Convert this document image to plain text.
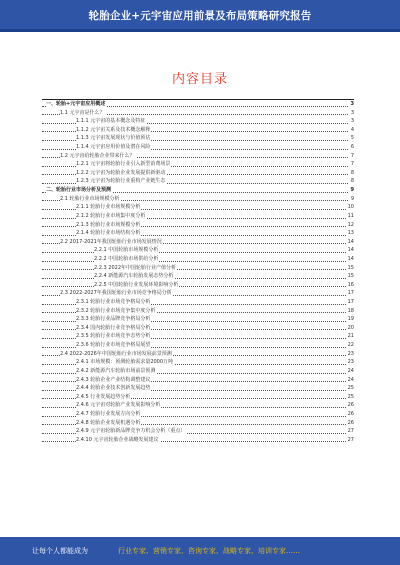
轮胎企业+元宇宙应用前景及布局策略研究报告
内容目录
一、轮胎+元宇宙应用概述	3
1.1 元宇宙是什么？	3
1.1.1 元宇宙的基本概念及特征	3
1.1.2 元宇宙关系及技术概念解释	4
1.1.3 元宇宙发展现状与价值预估	5
1.1.4 元宇宙应用价值及潜在风险	6
1.2 元宇宙给轮胎企业带来什么？	7
1.2.1 元宇宙将轮胎行业引入新型消费场景	7
1.2.2 元宇宙为轮胎企业发展提供新驱动	8
1.2.3 元宇宙为轮胎行业重构产业链生态	8
二、轮胎行业市场分析及预测	9
2.1 轮胎行业市场规模分析	9
2.1.1 轮胎行业市场规模分析	10
2.1.2 轮胎行业市场集中度分析	11
2.1.3 轮胎行业市场规模分析	12
2.1.4 轮胎行业市场结构分析	13
2.2 2017-2021年我国轮胎行业市场发展情况	14
2.2.1 中国轮胎市场规模分析	14
2.2.2 中国轮胎市场供给分析	14
2.2.3 2022年中国轮胎行业产值分析	15
2.2.4 新能源汽车轮胎发展态势分析	15
2.2.5 中国轮胎行业发展环境影响分析	16
2.3 2022-2027年我国轮胎行业市场竞争格局分析	17
2.3.1 轮胎行业市场竞争格局分析	17
2.3.2 轮胎行业市场竞争集中度分析	18
2.3.3 轮胎行业品牌竞争格局分析	19
2.3.4 国内轮胎行业竞争格局分析	20
2.3.5 轮胎行业市场竞争态势分析	21
2.3.6 轮胎行业市场竞争格局展望	22
2.4 2022-2026年中国轮胎行业市场发展前景预测	23
2.4.1 市场规模：预测轮胎需求量2000万吨	23
2.4.2 新能源汽车轮胎市场前景预测	24
2.4.3 轮胎企业产业结构调整建议	24
2.4.4 轮胎企业技术创新发展趋势	25
2.4.5 行业发展趋势分析	25
2.4.6 元宇宙对轮胎产业发展影响分析	26
2.4.7 轮胎行业发展方向分析	26
2.4.8 轮胎企业发展机遇分析	26
2.4.9 元宇宙轮胎新品牌竞争力机会分析（重点）	27
2.4.10 元宇宙轮胎企业战略发展建议	27
让每个人都能成为	行业专家、营销专家、咨询专家、战略专家、培训专家……
